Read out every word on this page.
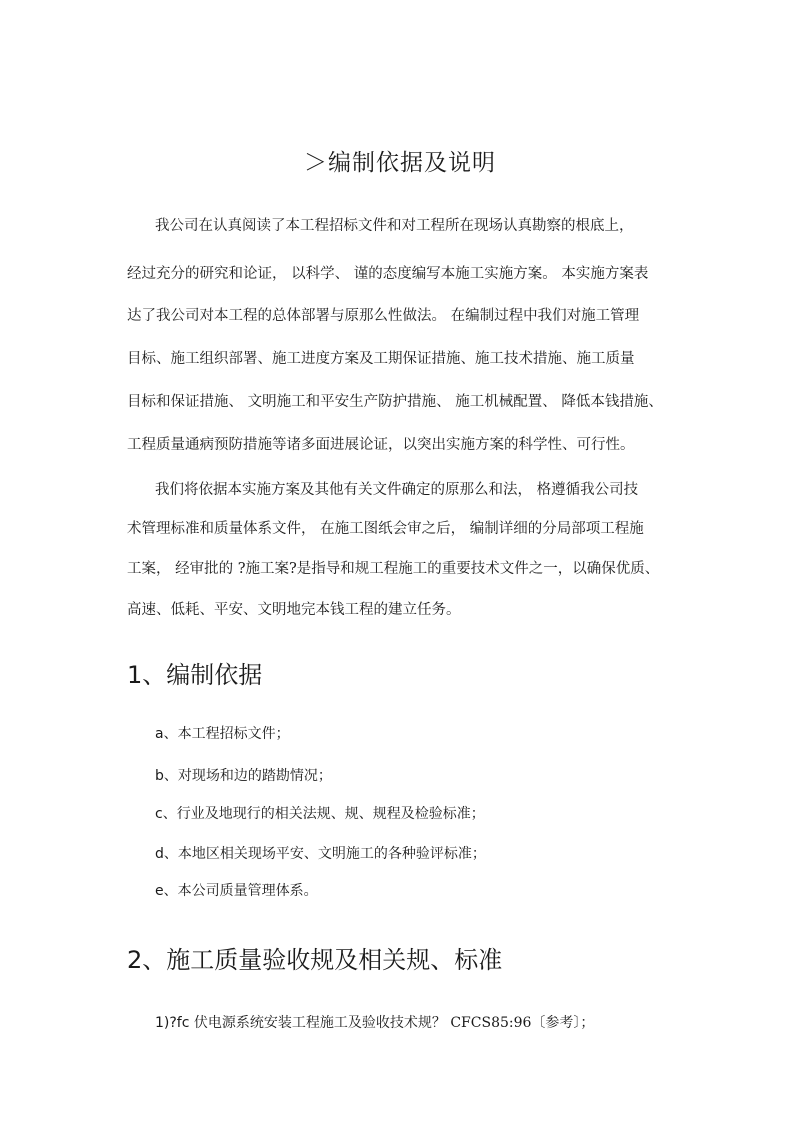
＞编制依据及说明
我公司在认真阅读了本工程招标文件和对工程所在现场认真勘察的根底上，
经过充分的研究和论证， 以科学、 谨的态度编写本施工实施方案。 本实施方案表
达了我公司对本工程的总体部署与原那么性做法。 在编制过程中我们对施工管理
目标、施工组织部署、施工进度方案及工期保证措施、施工技术措施、施工质量
目标和保证措施、 文明施工和平安生产防护措施、 施工机械配置、 降低本钱措施、
工程质量通病预防措施等诸多面进展论证，以突出实施方案的科学性、可行性。
我们将依据本实施方案及其他有关文件确定的原那么和法， 格遵循我公司技
术管理标准和质量体系文件， 在施工图纸会审之后， 编制详细的分局部项工程施
工案， 经审批的 ?施工案?是指导和规工程施工的重要技术文件之一，以确保优质、
高速、低耗、平安、文明地完本钱工程的建立任务。
1、编制依据
a、本工程招标文件；
b、对现场和边的踏勘情况；
c、行业及地现行的相关法规、规、规程及检验标准；
d、本地区相关现场平安、文明施工的各种验评标准；
e、本公司质量管理体系。
2、施工质量验收规及相关规、标准
1)?fc 伏电源系统安装工程施工及验收技术规？ CFCS85:96〔参考〕；
